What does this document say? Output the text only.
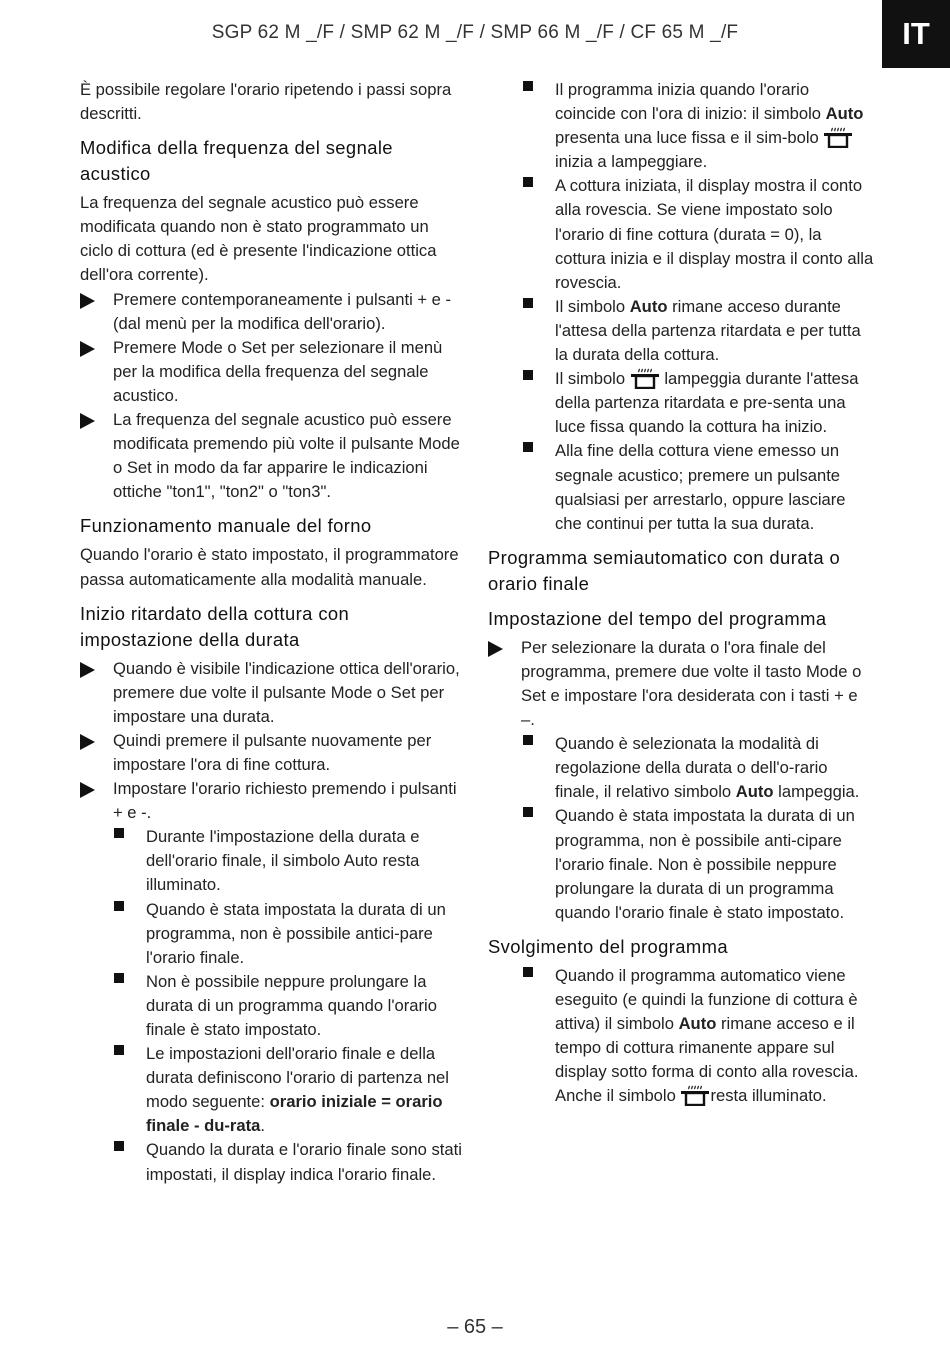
SGP 62 M _/F / SMP 62 M _/F / SMP 66 M _/F / CF 65 M _/F	IT
È possibile regolare l'orario ripetendo i passi sopra descritti.
Modifica della frequenza del segnale acustico
La frequenza del segnale acustico può essere modificata quando non è stato programmato un ciclo di cottura (ed è presente l'indicazione ottica dell'ora corrente).
Premere contemporaneamente i pulsanti + e - (dal menù per la modifica dell'orario).
Premere Mode o Set per selezionare il menù per la modifica della frequenza del segnale acustico.
La frequenza del segnale acustico può essere modificata premendo più volte il pulsante Mode o Set in modo da far apparire le indicazioni ottiche "ton1", "ton2" o "ton3".
Funzionamento manuale del forno
Quando l'orario è stato impostato, il programmatore passa automaticamente alla modalità manuale.
Inizio ritardato della cottura con impostazione della durata
Quando è visibile l'indicazione ottica dell'orario, premere due volte il pulsante Mode o Set per impostare una durata.
Quindi premere il pulsante nuovamente per impostare l'ora di fine cottura.
Impostare l'orario richiesto premendo i pulsanti + e -.
Durante l'impostazione della durata e dell'orario finale, il simbolo Auto resta illuminato.
Quando è stata impostata la durata di un programma, non è possibile antici-pare l'orario finale.
Non è possibile neppure prolungare la durata di un programma quando l'orario finale è stato impostato.
Le impostazioni dell'orario finale e della durata definiscono l'orario di partenza nel modo seguente: orario iniziale = orario finale - du-rata.
Quando la durata e l'orario finale sono stati impostati, il display indica l'orario finale.
Il programma inizia quando l'orario coincide con l'ora di inizio: il simbolo Auto presenta una luce fissa e il sim-bolo inizia a lampeggiare.
A cottura iniziata, il display mostra il conto alla rovescia. Se viene impostato solo l'orario di fine cottura (durata = 0), la cottura inizia e il display mostra il conto alla rovescia.
Il simbolo Auto rimane acceso durante l'attesa della partenza ritardata e per tutta la durata della cottura.
Il simbolo  lampeggia durante l'attesa della partenza ritardata e pre-senta una luce fissa quando la cottura ha inizio.
Alla fine della cottura viene emesso un segnale acustico; premere un pulsante qualsiasi per arrestarlo, oppure lasciare che continui per tutta la sua durata.
Programma semiautomatico con durata o orario finale
Impostazione del tempo del programma
Per selezionare la durata o l'ora finale del programma, premere due volte il tasto Mode o Set e impostare l'ora desiderata con i tasti + e –.
Quando è selezionata la modalità di regolazione della durata o dell'o-rario finale, il relativo simbolo Auto lampeggia.
Quando è stata impostata la durata di un programma, non è possibile anti-cipare l'orario finale. Non è possibile neppure prolungare la durata di un programma quando l'orario finale è stato impostato.
Svolgimento del programma
Quando il programma automatico viene eseguito (e quindi la funzione di cottura è attiva) il simbolo Auto rimane acceso e il tempo di cottura rimanente appare sul display sotto forma di conto alla rovescia. Anche il simbolo resta illuminato.
– 65 –
